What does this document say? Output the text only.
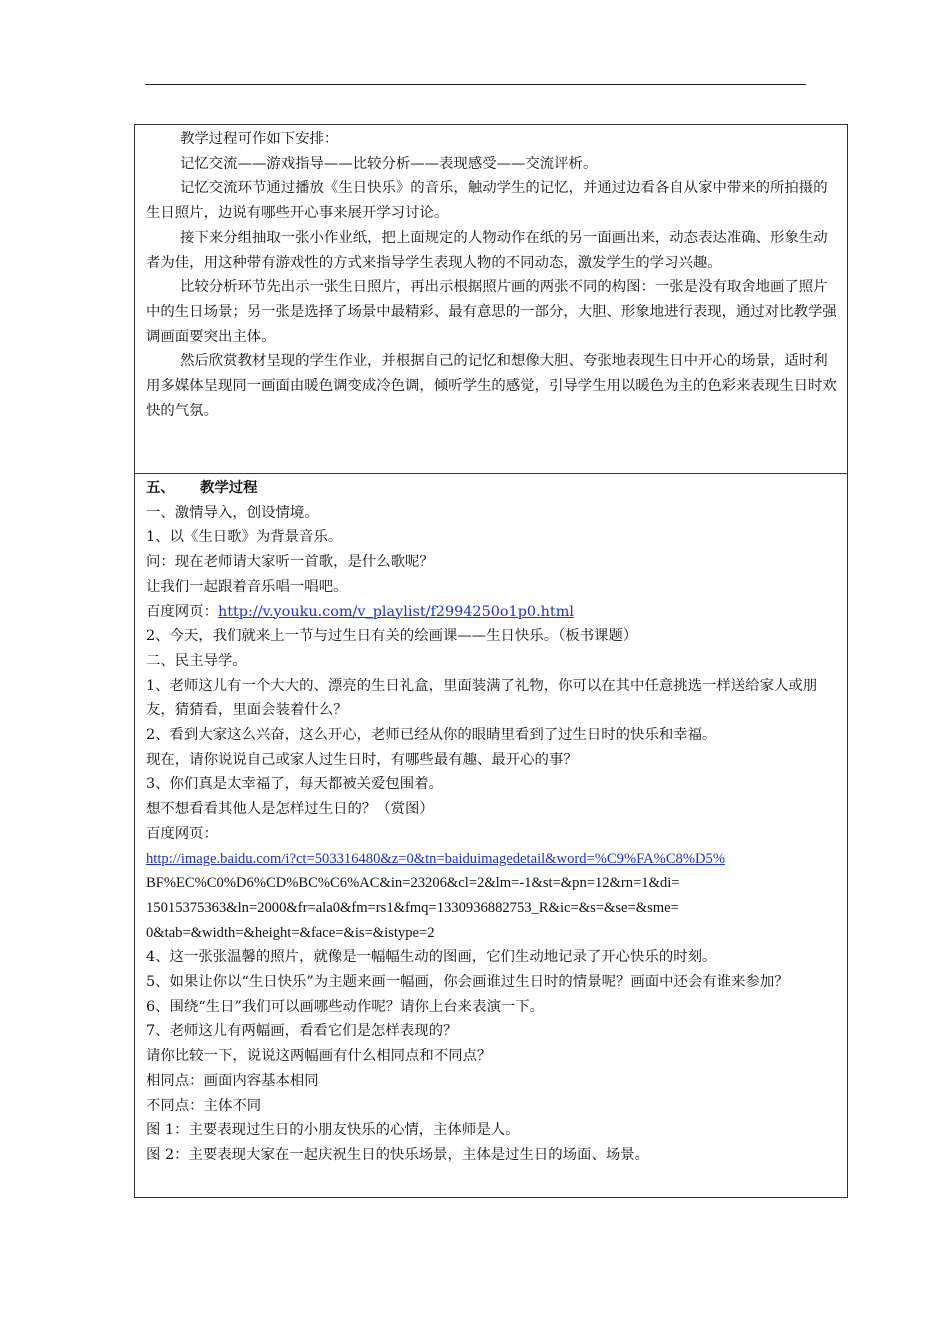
教学过程可作如下安排：

记忆交流——游戏指导——比较分析——表现感受——交流评析。

记忆交流环节通过播放《生日快乐》的音乐，触动学生的记忆，并通过边看各自从家中带来的所拍摄的生日照片，边说有哪些开心事来展开学习讨论。

接下来分组抽取一张小作业纸，把上面规定的人物动作在纸的另一面画出来，动态表达准确、形象生动者为佳，用这种带有游戏性的方式来指导学生表现人物的不同动态，激发学生的学习兴趣。

比较分析环节先出示一张生日照片，再出示根据照片画的两张不同的构图：一张是没有取舍地画了照片中的生日场景；另一张是选择了场景中最精彩、最有意思的一部分，大胆、形象地进行表现，通过对比教学强调画面要突出主体。

然后欣赏教材呈现的学生作业，并根据自己的记忆和想像大胆、夸张地表现生日中开心的场景，适时利用多媒体呈现同一画面由暖色调变成冷色调，倾听学生的感觉，引导学生用以暖色为主的色彩来表现生日时欢快的气氛。

五、 教学过程

一、激情导入，创设情境。

1、以《生日歌》为背景音乐。

问：现在老师请大家听一首歌，是什么歌呢？

让我们一起跟着音乐唱一唱吧。

百度网页：http://v.youku.com/v_playlist/f2994250o1p0.html

2、今天，我们就来上一节与过生日有关的绘画课——生日快乐。（板书课题）

二、民主导学。

1、老师这儿有一个大大的、漂亮的生日礼盒，里面装满了礼物，你可以在其中任意挑选一样送给家人或朋友，猜猜看，里面会装着什么？

2、看到大家这么兴奋，这么开心，老师已经从你的眼睛里看到了过生日时的快乐和幸福。

现在，请你说说自己或家人过生日时，有哪些最有趣、最开心的事？

3、你们真是太幸福了，每天都被关爱包围着。

想不想看看其他人是怎样过生日的？（赏图）

百度网页：

http://image.baidu.com/i?ct=503316480&z=0&tn=baiduimagedetail&word=%C9%FA%C8%D5%

BF%EC%C0%D6%CD%BC%C6%AC&in=23206&cl=2&lm=-1&st=&pn=12&rn=1&di=

15015375363&ln=2000&fr=ala0&fm=rs1&fmq=1330936882753_R&ic=&s=&se=&sme=

0&tab=&width=&height=&face=&is=&istype=2

4、这一张张温馨的照片，就像是一幅幅生动的图画，它们生动地记录了开心快乐的时刻。

5、如果让你以“生日快乐”为主题来画一幅画，你会画谁过生日时的情景呢？画面中还会有谁来参加？

6、围绕“生日”我们可以画哪些动作呢？请你上台来表演一下。

7、老师这儿有两幅画，看看它们是怎样表现的？

请你比较一下，说说这两幅画有什么相同点和不同点？

相同点：画面内容基本相同

不同点：主体不同

图 1：主要表现过生日的小朋友快乐的心情，主体师是人。

图 2：主要表现大家在一起庆祝生日的快乐场景，主体是过生日的场面、场景。
